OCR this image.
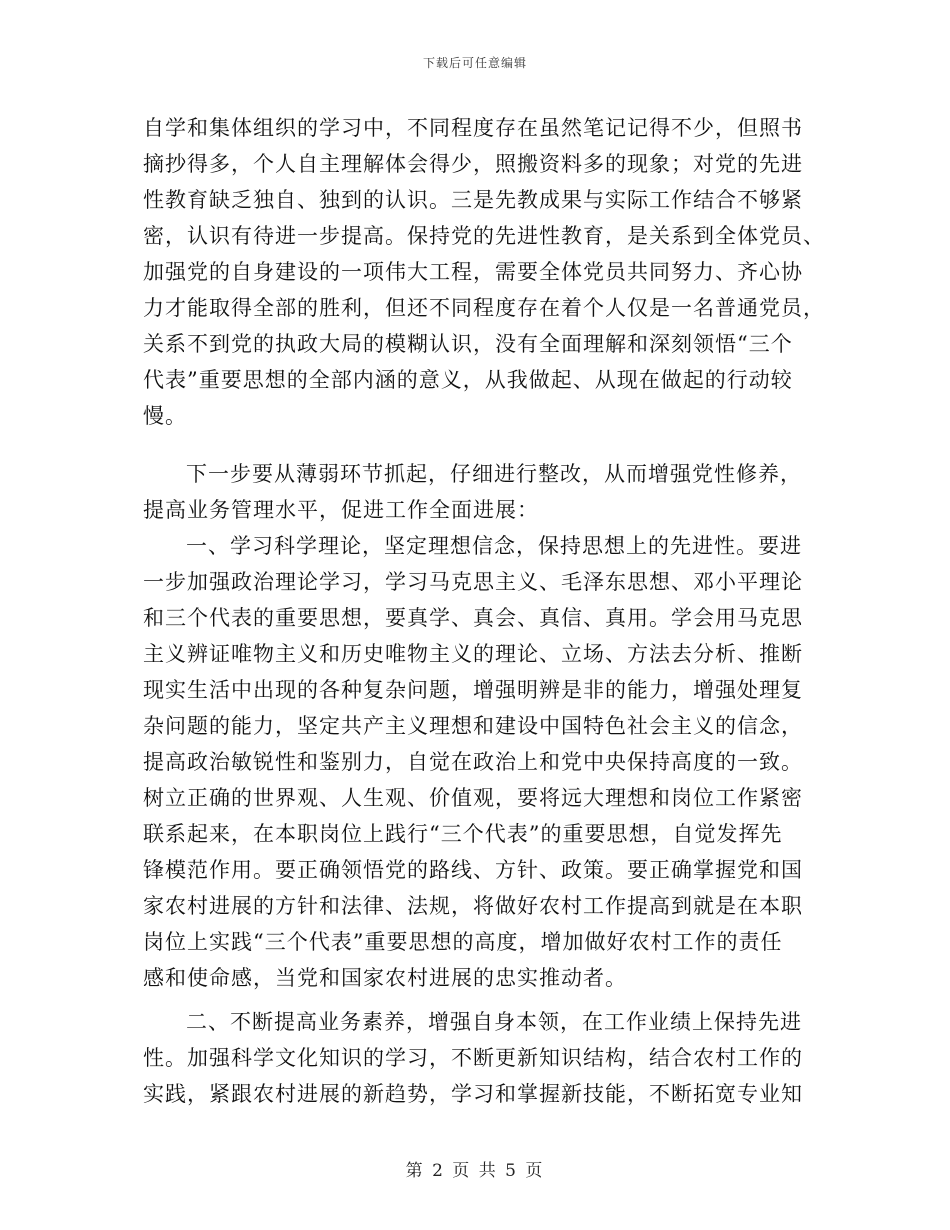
下载后可任意编辑
自学和集体组织的学习中，不同程度存在虽然笔记记得不少，但照书
摘抄得多，个人自主理解体会得少，照搬资料多的现象；对党的先进
性教育缺乏独自、独到的认识。三是先教成果与实际工作结合不够紧
密，认识有待进一步提高。保持党的先进性教育，是关系到全体党员、
加强党的自身建设的一项伟大工程，需要全体党员共同努力、齐心协
力才能取得全部的胜利，但还不同程度存在着个人仅是一名普通党员，
关系不到党的执政大局的模糊认识，没有全面理解和深刻领悟“三个
代表”重要思想的全部内涵的意义，从我做起、从现在做起的行动较
慢。
下一步要从薄弱环节抓起，仔细进行整改，从而增强党性修养，
提高业务管理水平，促进工作全面进展：
一、学习科学理论，坚定理想信念，保持思想上的先进性。要进
一步加强政治理论学习，学习马克思主义、毛泽东思想、邓小平理论
和三个代表的重要思想，要真学、真会、真信、真用。学会用马克思
主义辨证唯物主义和历史唯物主义的理论、立场、方法去分析、推断
现实生活中出现的各种复杂问题，增强明辨是非的能力，增强处理复
杂问题的能力，坚定共产主义理想和建设中国特色社会主义的信念，
提高政治敏锐性和鉴别力，自觉在政治上和党中央保持高度的一致。
树立正确的世界观、人生观、价值观，要将远大理想和岗位工作紧密
联系起来，在本职岗位上践行“三个代表”的重要思想，自觉发挥先
锋模范作用。要正确领悟党的路线、方针、政策。要正确掌握党和国
家农村进展的方针和法律、法规，将做好农村工作提高到就是在本职
岗位上实践“三个代表”重要思想的高度，增加做好农村工作的责任
感和使命感，当党和国家农村进展的忠实推动者。
二、不断提高业务素养，增强自身本领，在工作业绩上保持先进
性。加强科学文化知识的学习，不断更新知识结构，结合农村工作的
实践，紧跟农村进展的新趋势，学习和掌握新技能，不断拓宽专业知
第 2 页 共 5 页
